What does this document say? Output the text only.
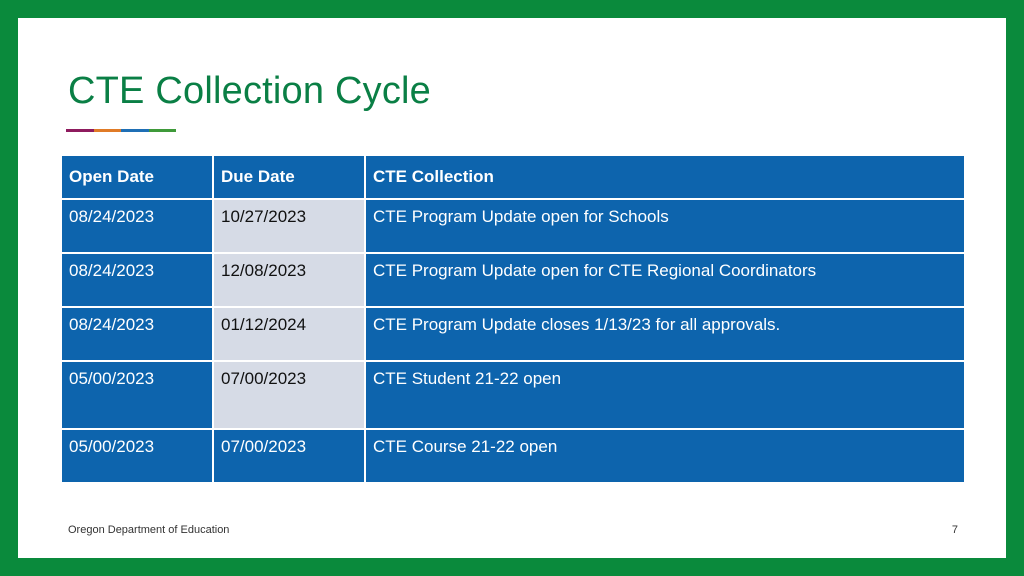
CTE Collection Cycle
Open Date	Due Date	CTE Collection
08/24/2023	10/27/2023	CTE Program Update open for Schools
08/24/2023	12/08/2023	CTE Program Update open for CTE Regional Coordinators
08/24/2023	01/12/2024	CTE Program Update closes 1/13/23 for all approvals.
05/00/2023	07/00/2023	CTE Student 21-22 open
05/00/2023	07/00/2023	CTE Course 21-22 open
Oregon Department of Education	7
